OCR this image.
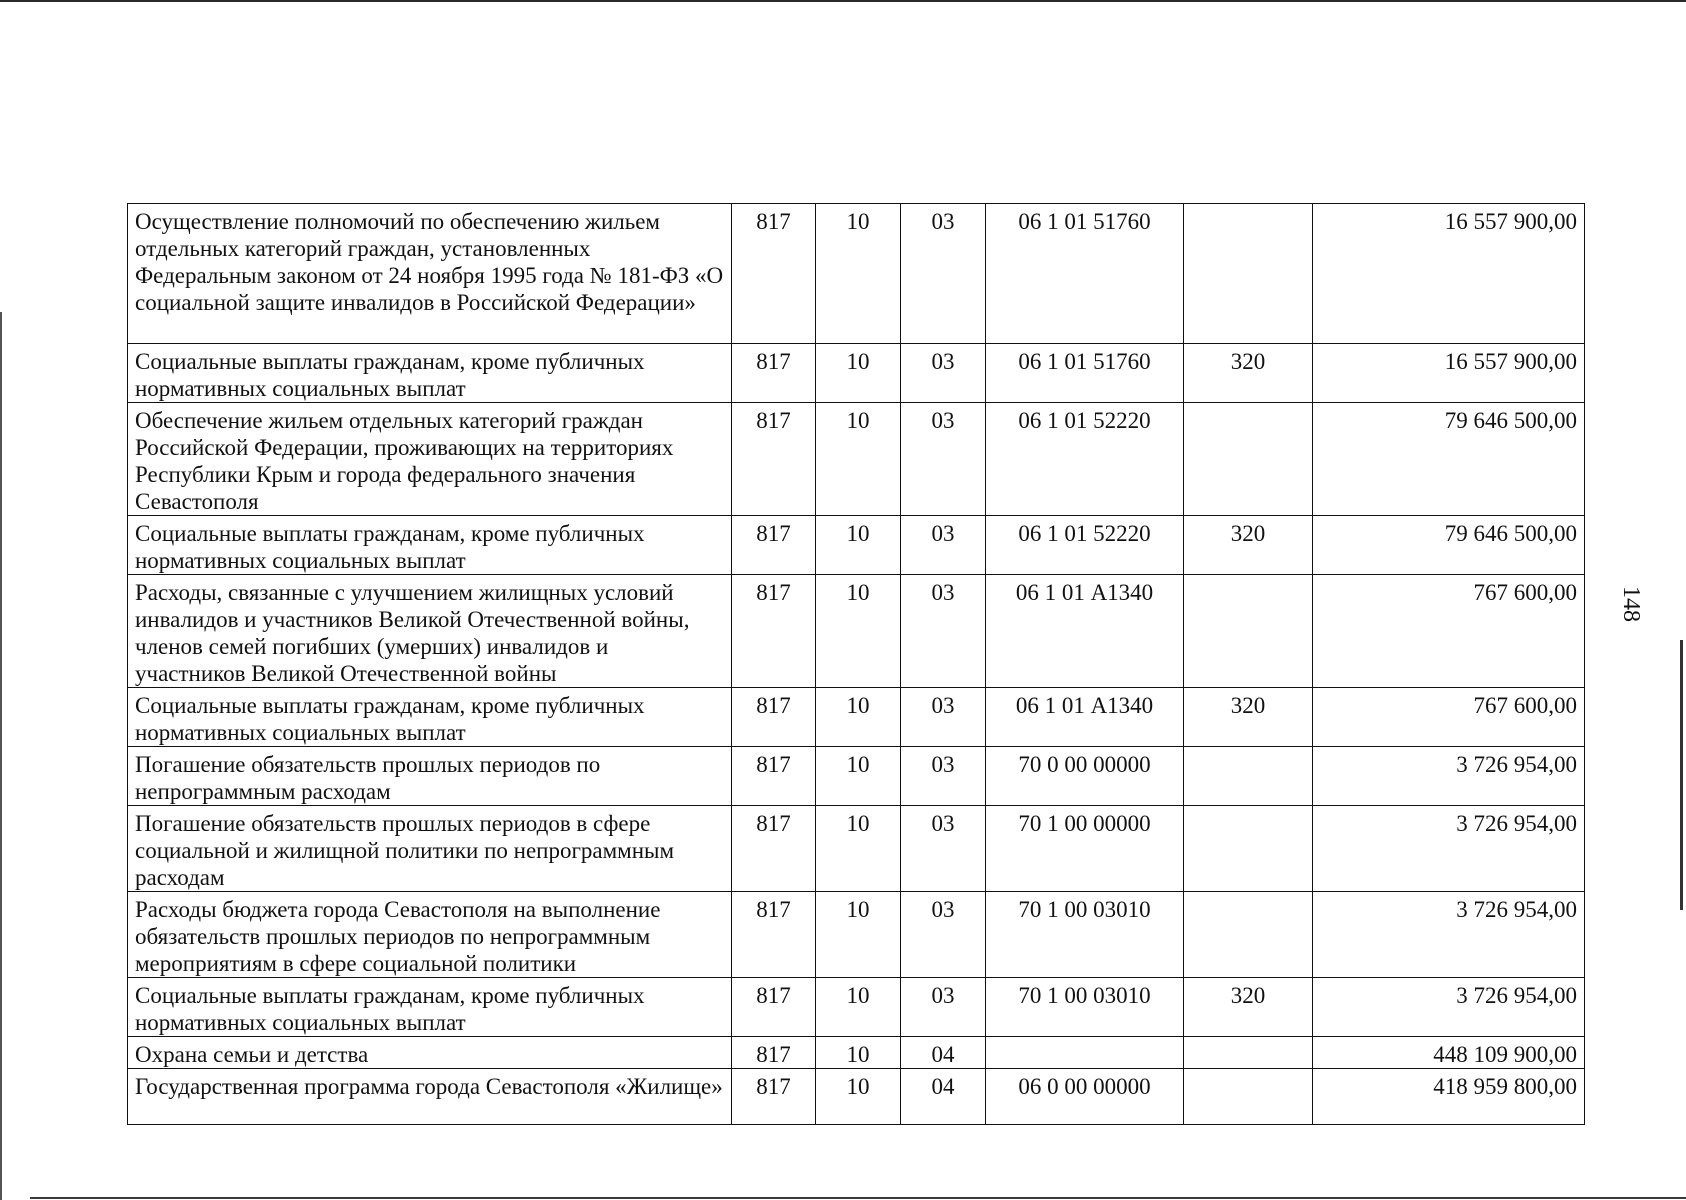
148
Осуществление полномочий по обеспечению жильем отдельных категорий граждан, установленных Федеральным законом от 24 ноября 1995 года № 181-ФЗ «О социальной защите инвалидов в Российской Федерации»	817	10	03	06 1 01 51760		16 557 900,00
Социальные выплаты гражданам, кроме публичных нормативных социальных выплат	817	10	03	06 1 01 51760	320	16 557 900,00
Обеспечение жильем отдельных категорий граждан Российской Федерации, проживающих на территориях Республики Крым и города федерального значения Севастополя	817	10	03	06 1 01 52220		79 646 500,00
Социальные выплаты гражданам, кроме публичных нормативных социальных выплат	817	10	03	06 1 01 52220	320	79 646 500,00
Расходы, связанные с улучшением жилищных условий инвалидов и участников Великой Отечественной войны, членов семей погибших (умерших) инвалидов и участников Великой Отечественной войны	817	10	03	06 1 01 А1340		767 600,00
Социальные выплаты гражданам, кроме публичных нормативных социальных выплат	817	10	03	06 1 01 А1340	320	767 600,00
Погашение обязательств прошлых периодов по непрограммным расходам	817	10	03	70 0 00 00000		3 726 954,00
Погашение обязательств прошлых периодов в сфере социальной и жилищной политики по непрограммным расходам	817	10	03	70 1 00 00000		3 726 954,00
Расходы бюджета города Севастополя на выполнение обязательств прошлых периодов по непрограммным мероприятиям в сфере социальной политики	817	10	03	70 1 00 03010		3 726 954,00
Социальные выплаты гражданам, кроме публичных нормативных социальных выплат	817	10	03	70 1 00 03010	320	3 726 954,00
Охрана семьи и детства	817	10	04			448 109 900,00
Государственная программа города Севастополя «Жилище»	817	10	04	06 0 00 00000		418 959 800,00
